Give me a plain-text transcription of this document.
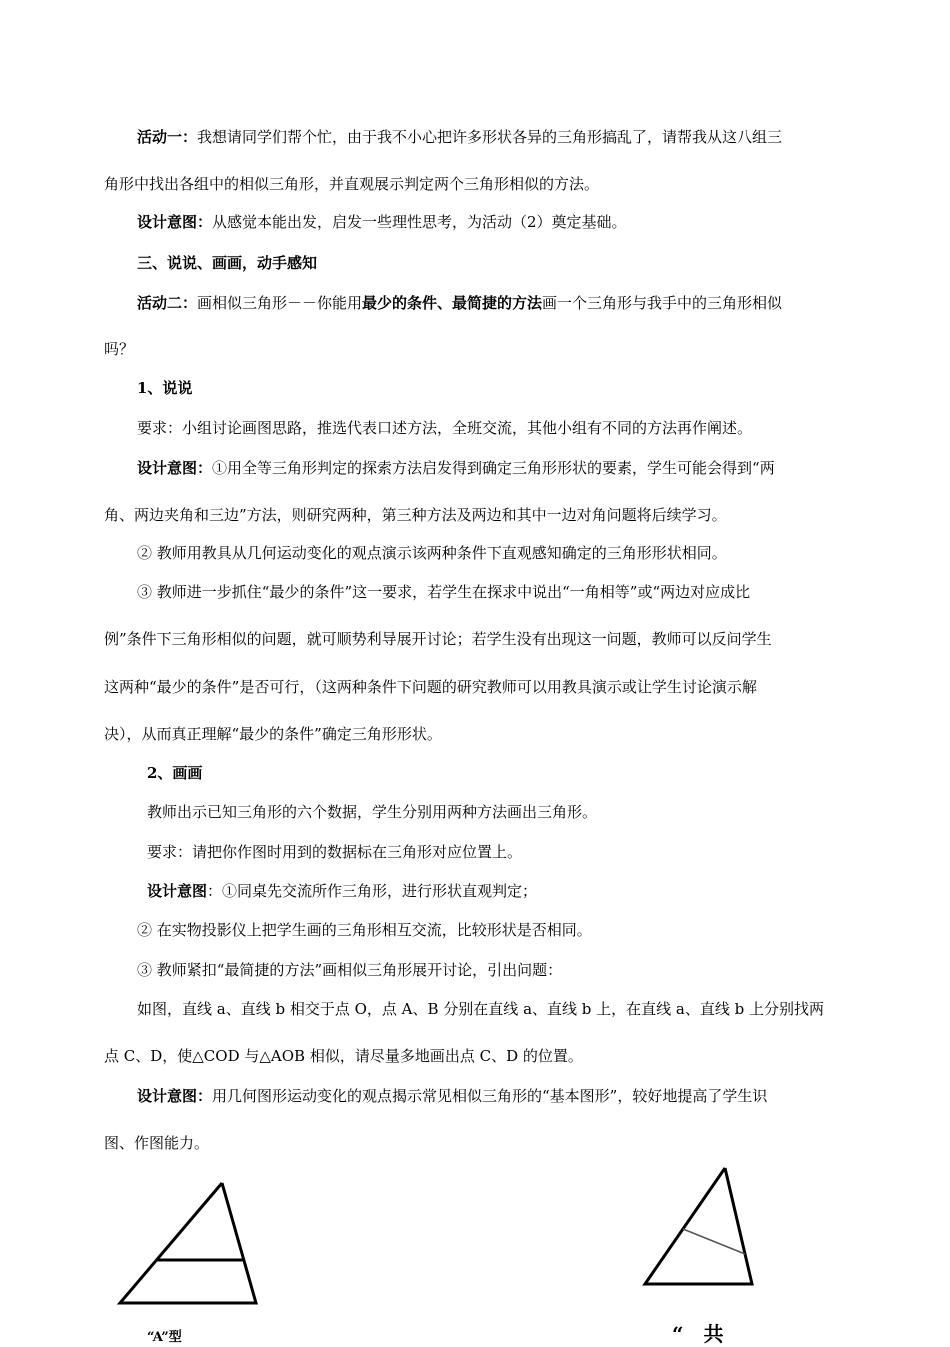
活动一：我想请同学们帮个忙，由于我不小心把许多形状各异的三角形搞乱了，请帮我从这八组三
角形中找出各组中的相似三角形，并直观展示判定两个三角形相似的方法。
设计意图：从感觉本能出发，启发一些理性思考，为活动（2）奠定基础。
三、说说、画画，动手感知
活动二：画相似三角形－－你能用最少的条件、最简捷的方法画一个三角形与我手中的三角形相似
吗？
1、说说
要求：小组讨论画图思路，推选代表口述方法，全班交流，其他小组有不同的方法再作阐述。
设计意图：①用全等三角形判定的探索方法启发得到确定三角形形状的要素，学生可能会得到“两
角、两边夹角和三边”方法，则研究两种，第三种方法及两边和其中一边对角问题将后续学习。
② 教师用教具从几何运动变化的观点演示该两种条件下直观感知确定的三角形形状相同。
③ 教师进一步抓住“最少的条件”这一要求，若学生在探求中说出“一角相等”或“两边对应成比
例”条件下三角形相似的问题，就可顺势利导展开讨论；若学生没有出现这一问题，教师可以反问学生
这两种“最少的条件”是否可行，（这两种条件下问题的研究教师可以用教具演示或让学生讨论演示解
决），从而真正理解“最少的条件”确定三角形形状。
2、画画
教师出示已知三角形的六个数据，学生分别用两种方法画出三角形。
要求：请把你作图时用到的数据标在三角形对应位置上。
设计意图：①同桌先交流所作三角形，进行形状直观判定；
② 在实物投影仪上把学生画的三角形相互交流，比较形状是否相同。
③ 教师紧扣“最简捷的方法”画相似三角形展开讨论，引出问题：
如图，直线 a、直线 b 相交于点 O，点 A、B 分别在直线 a、直线 b 上，在直线 a、直线 b 上分别找两
点 C、D，使△COD 与△AOB 相似，请尽量多地画出点 C、D 的位置。
设计意图：用几何图形运动变化的观点揭示常见相似三角形的“基本图形”，较好地提高了学生识
图、作图能力。
“A”型	“　共
